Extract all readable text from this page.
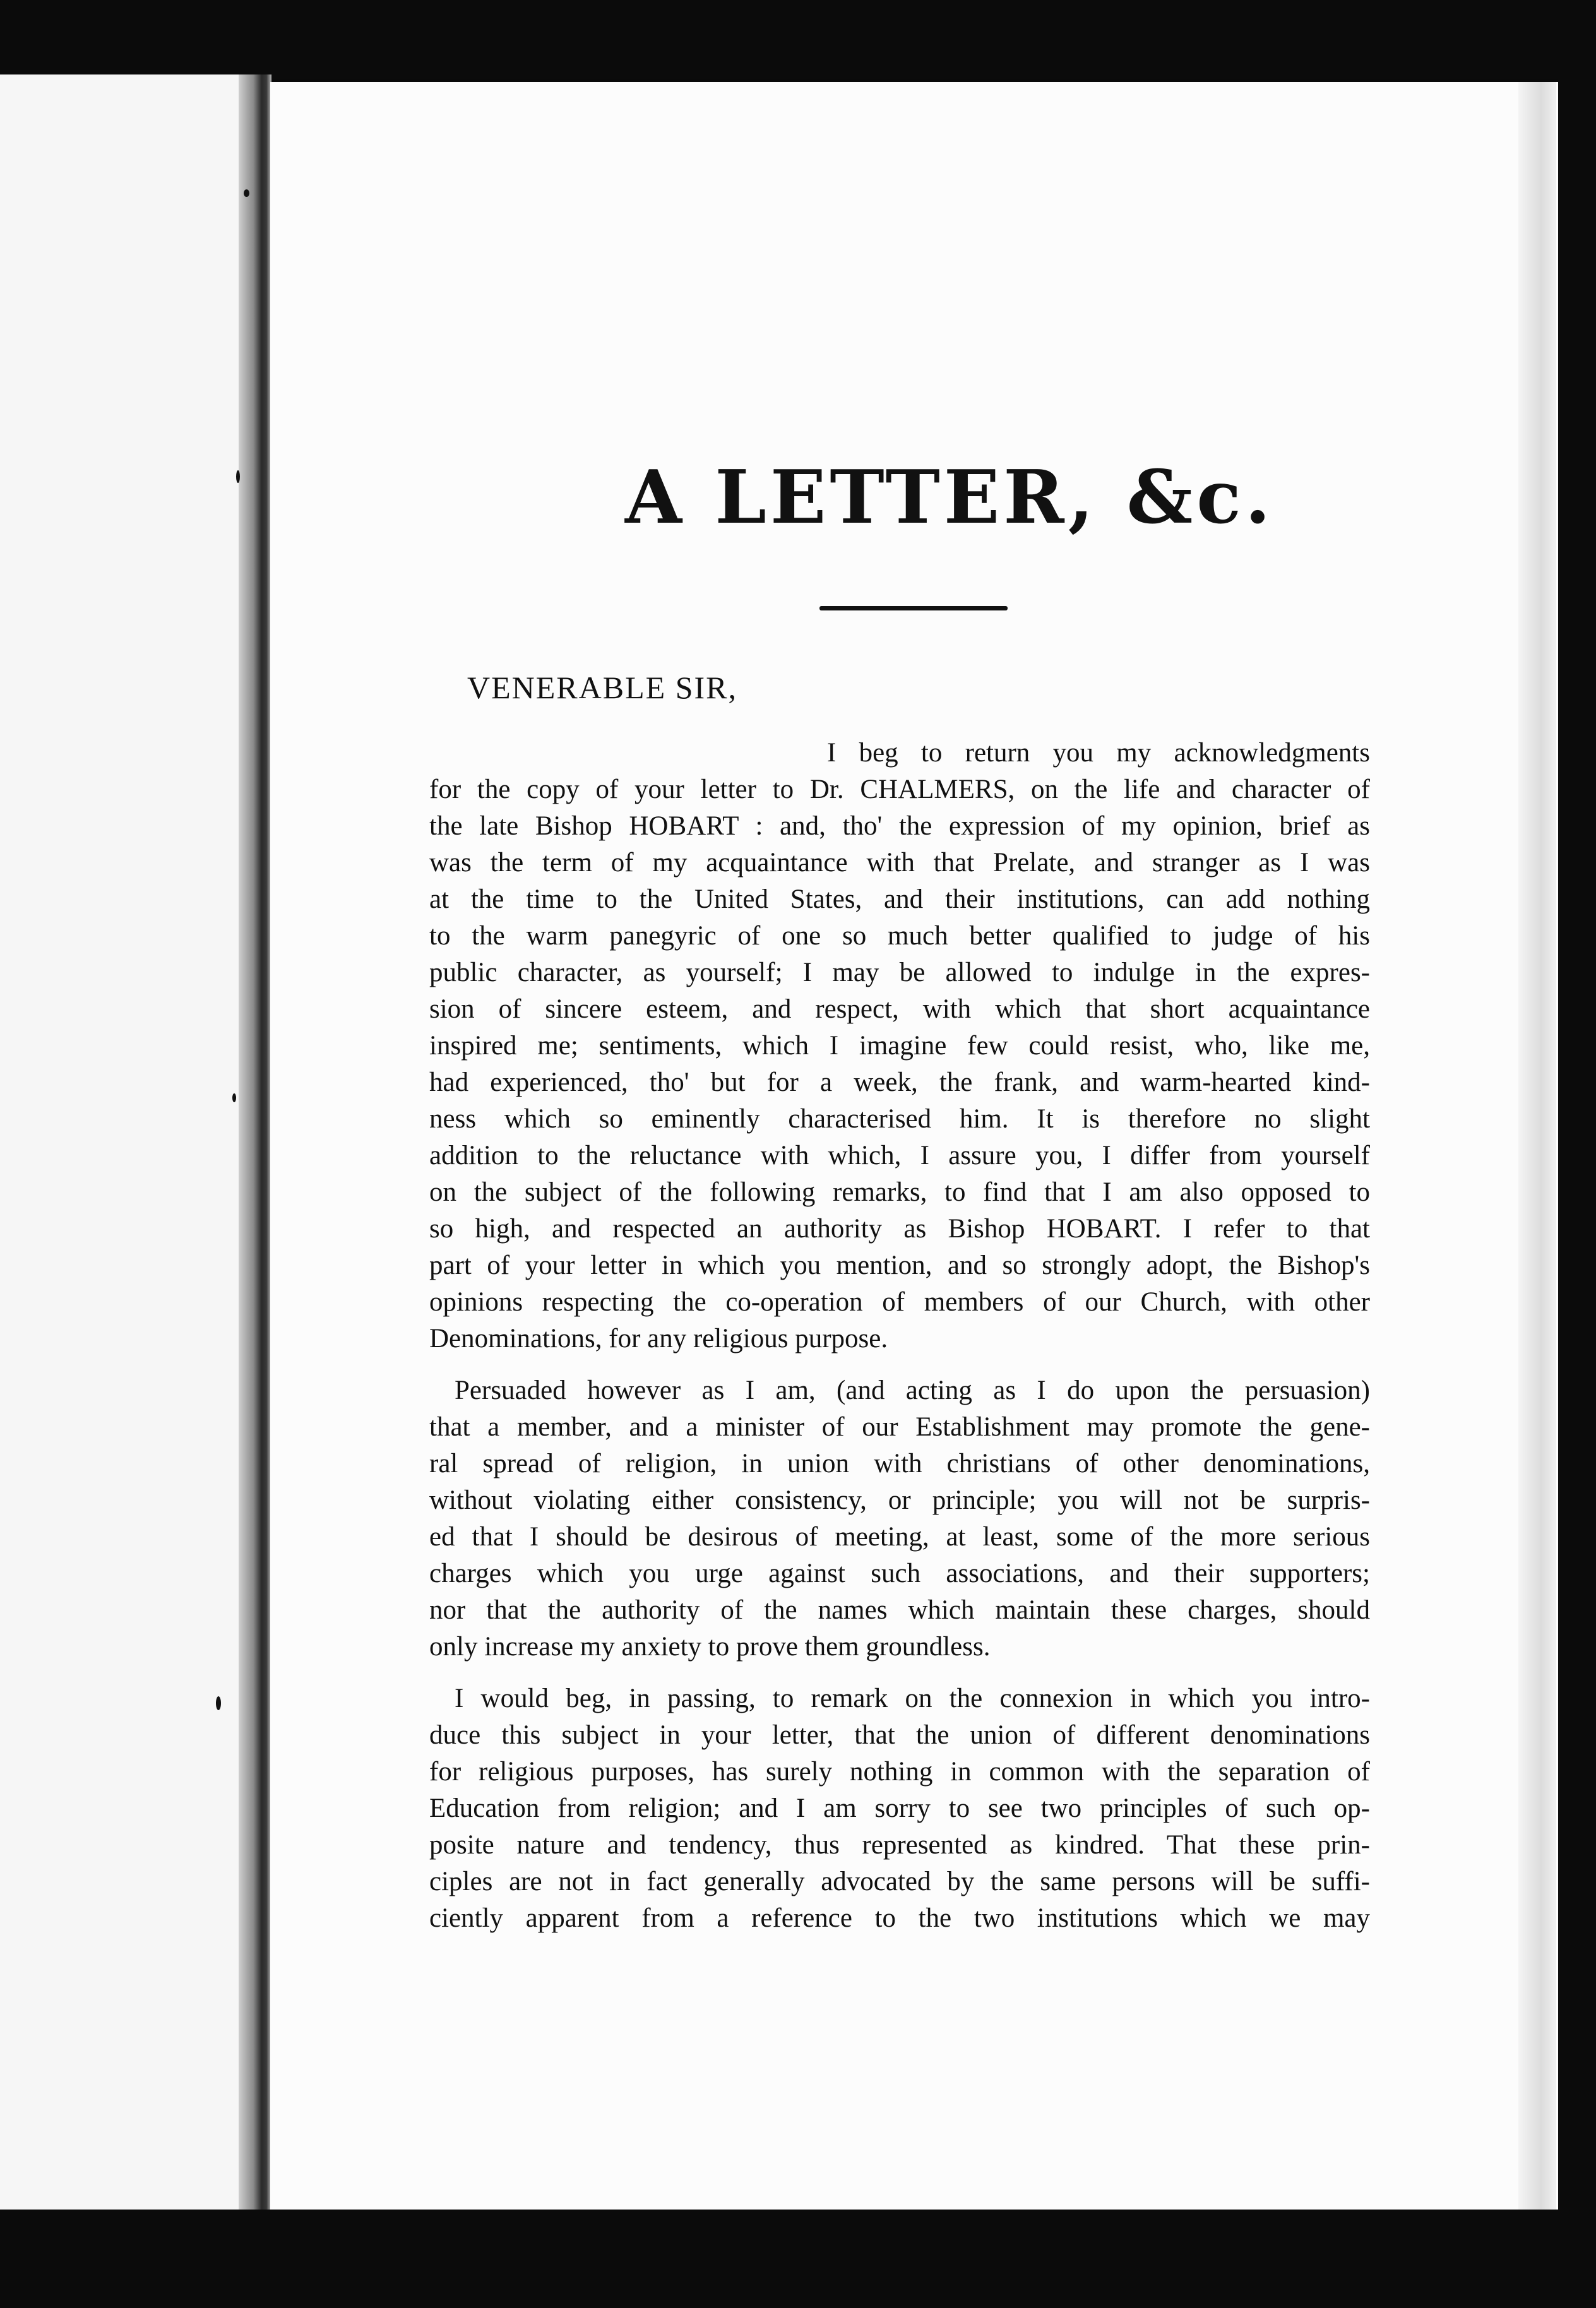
A LETTER, &c.
VENERABLE SIR,
I beg to return you my acknowledgments
for the copy of your letter to Dr. CHALMERS, on the life and character of
the late Bishop HOBART : and, tho' the expression of my opinion, brief as
was the term of my acquaintance with that Prelate, and stranger as I was
at the time to the United States, and their institutions, can add nothing
to the warm panegyric of one so much better qualified to judge of his
public character, as yourself; I may be allowed to indulge in the expres-
sion of sincere esteem, and respect, with which that short acquaintance
inspired me; sentiments, which I imagine few could resist, who, like me,
had experienced, tho' but for a week, the frank, and warm-hearted kind-
ness which so eminently characterised him. It is therefore no slight
addition to the reluctance with which, I assure you, I differ from yourself
on the subject of the following remarks, to find that I am also opposed to
so high, and respected an authority as Bishop HOBART. I refer to that
part of your letter in which you mention, and so strongly adopt, the Bishop's
opinions respecting the co-operation of members of our Church, with other
Denominations, for any religious purpose.
Persuaded however as I am, (and acting as I do upon the persuasion)
that a member, and a minister of our Establishment may promote the gene-
ral spread of religion, in union with christians of other denominations,
without violating either consistency, or principle; you will not be surpris-
ed that I should be desirous of meeting, at least, some of the more serious
charges which you urge against such associations, and their supporters;
nor that the authority of the names which maintain these charges, should
only increase my anxiety to prove them groundless.
I would beg, in passing, to remark on the connexion in which you intro-
duce this subject in your letter, that the union of different denominations
for religious purposes, has surely nothing in common with the separation of
Education from religion; and I am sorry to see two principles of such op-
posite nature and tendency, thus represented as kindred. That these prin-
ciples are not in fact generally advocated by the same persons will be suffi-
ciently apparent from a reference to the two institutions which we may
